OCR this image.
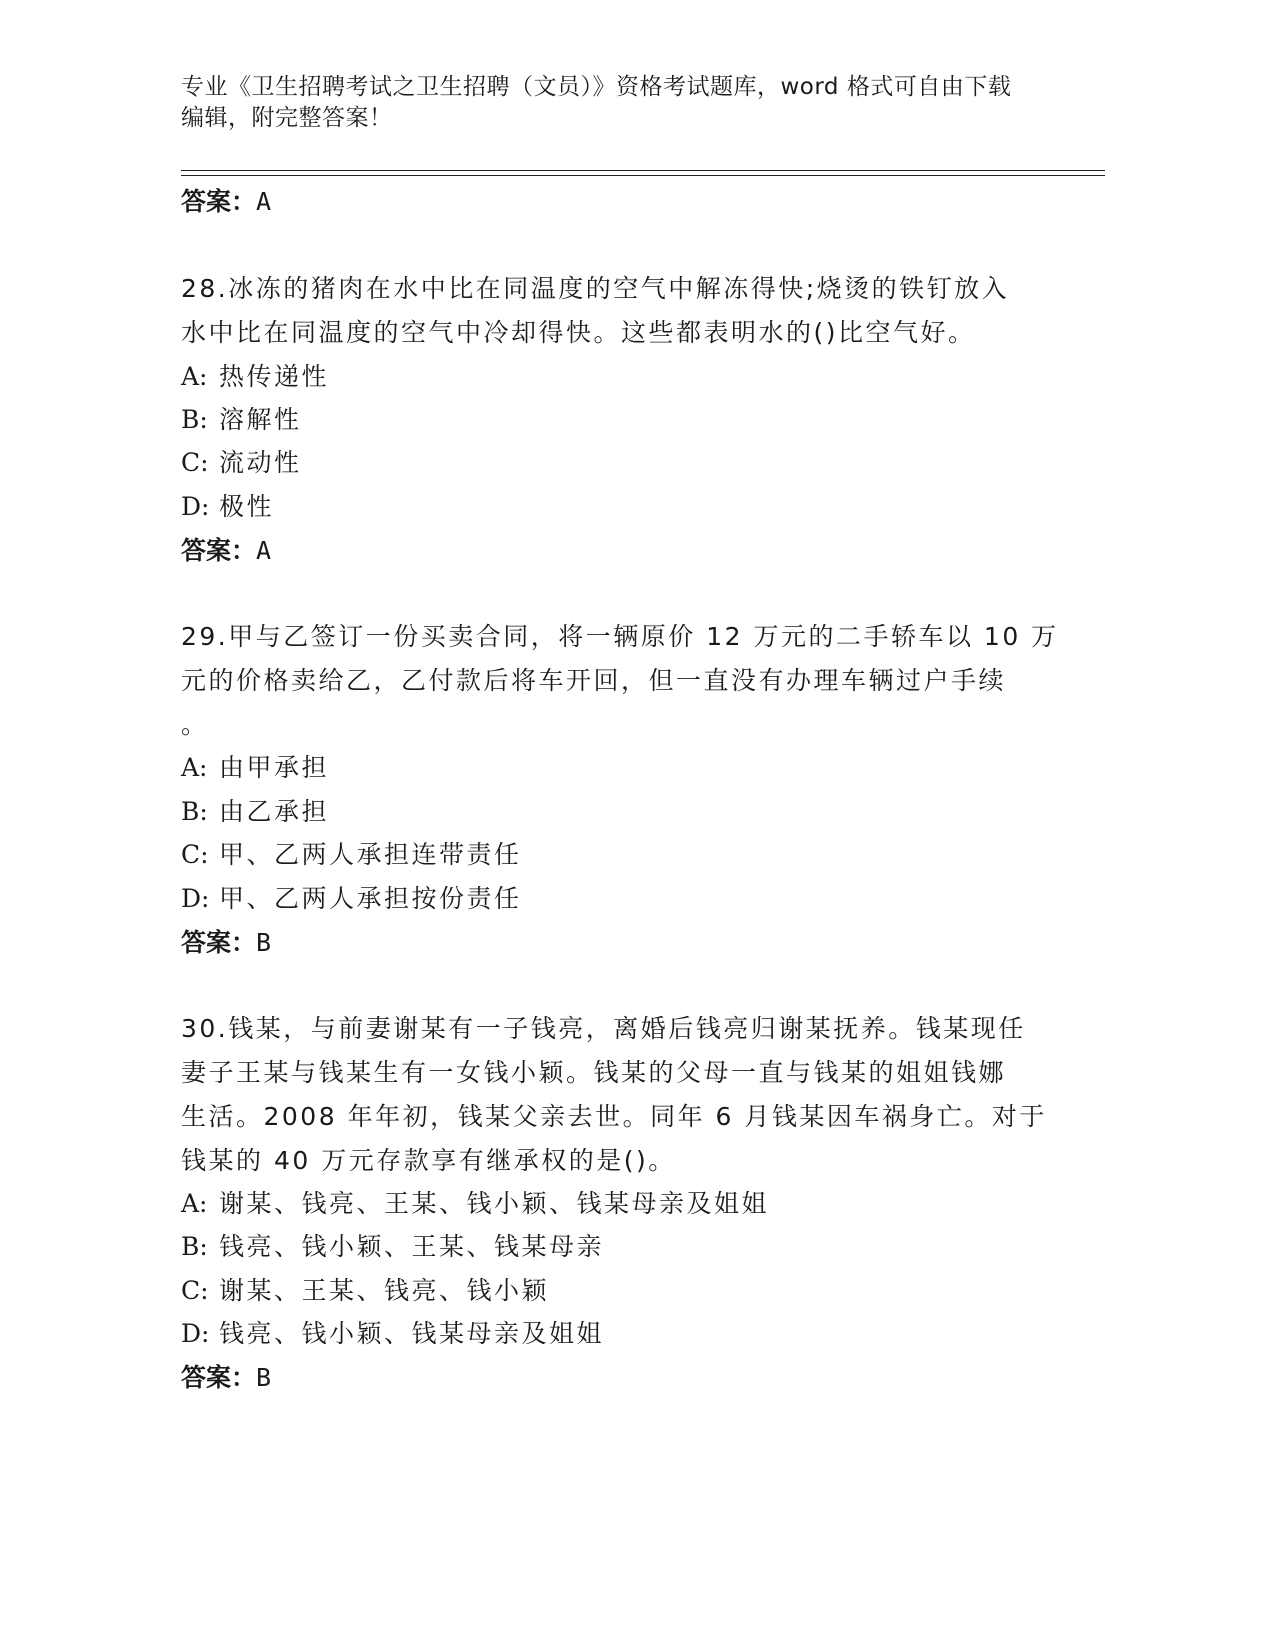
专业《卫生招聘考试之卫生招聘（文员）》资格考试题库，word 格式可自由下载
编辑，附完整答案！
答案：A
28.冰冻的猪肉在水中比在同温度的空气中解冻得快;烧烫的铁钉放入
水中比在同温度的空气中冷却得快。这些都表明水的()比空气好。
A: 热传递性
B: 溶解性
C: 流动性
D: 极性
答案：A
29.甲与乙签订一份买卖合同，将一辆原价 12 万元的二手轿车以 10 万
元的价格卖给乙，乙付款后将车开回，但一直没有办理车辆过户手续
。
A: 由甲承担
B: 由乙承担
C: 甲、乙两人承担连带责任
D: 甲、乙两人承担按份责任
答案：B
30.钱某，与前妻谢某有一子钱亮，离婚后钱亮归谢某抚养。钱某现任
妻子王某与钱某生有一女钱小颖。钱某的父母一直与钱某的姐姐钱娜
生活。2008 年年初，钱某父亲去世。同年 6 月钱某因车祸身亡。对于
钱某的 40 万元存款享有继承权的是()。
A: 谢某、钱亮、王某、钱小颖、钱某母亲及姐姐
B: 钱亮、钱小颖、王某、钱某母亲
C: 谢某、王某、钱亮、钱小颖
D: 钱亮、钱小颖、钱某母亲及姐姐
答案：B
